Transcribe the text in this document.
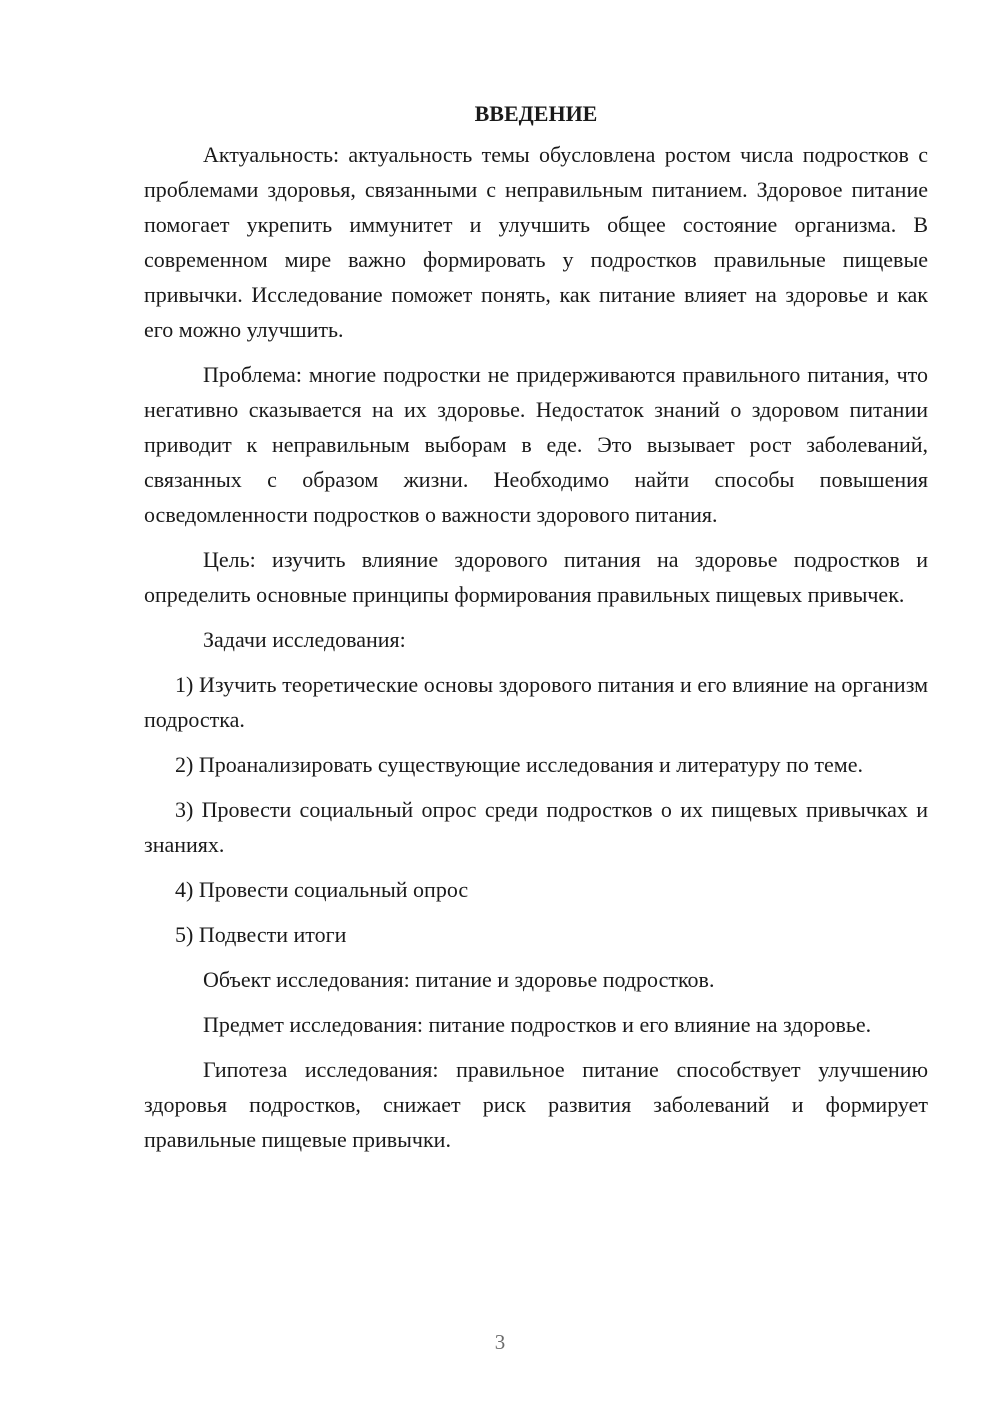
ВВЕДЕНИЕ

Актуальность: актуальность темы обусловлена ростом числа подростков с проблемами здоровья, связанными с неправильным питанием. Здоровое питание помогает укрепить иммунитет и улучшить общее состояние организма. В современном мире важно формировать у подростков правильные пищевые привычки. Исследование поможет понять, как питание влияет на здоровье и как его можно улучшить.

Проблема: многие подростки не придерживаются правильного питания, что негативно сказывается на их здоровье. Недостаток знаний о здоровом питании приводит к неправильным выборам в еде. Это вызывает рост заболеваний, связанных с образом жизни. Необходимо найти способы повышения осведомленности подростков о важности здорового питания.

Цель: изучить влияние здорового питания на здоровье подростков и определить основные принципы формирования правильных пищевых привычек.

Задачи исследования:

1) Изучить теоретические основы здорового питания и его влияние на организм подростка.

2) Проанализировать существующие исследования и литературу по теме.

3) Провести социальный опрос среди подростков о их пищевых привычках и знаниях.

4) Провести социальный опрос

5) Подвести итоги

Объект исследования: питание и здоровье подростков.

Предмет исследования: питание подростков и его влияние на здоровье.

Гипотеза исследования: правильное питание способствует улучшению здоровья подростков, снижает риск развития заболеваний и формирует правильные пищевые привычки.

3
